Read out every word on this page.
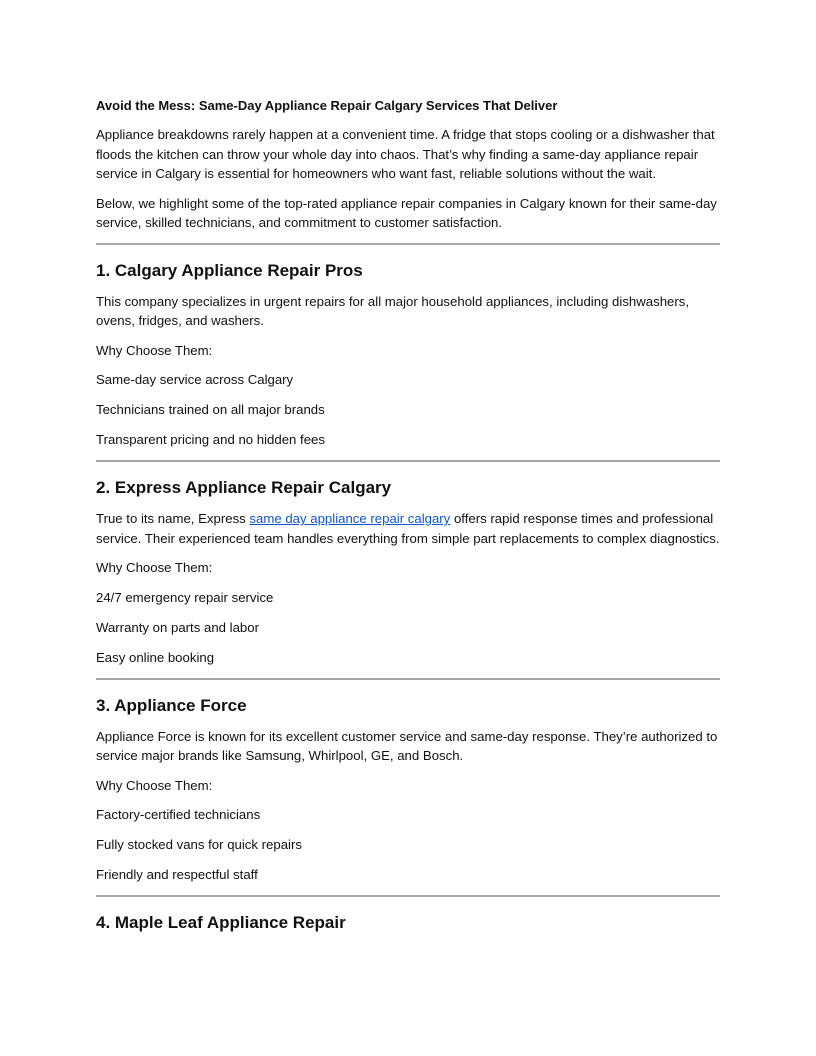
Avoid the Mess: Same-Day Appliance Repair Calgary Services That Deliver

Appliance breakdowns rarely happen at a convenient time. A fridge that stops cooling or a dishwasher that floods the kitchen can throw your whole day into chaos. That’s why finding a same-day appliance repair service in Calgary is essential for homeowners who want fast, reliable solutions without the wait.

Below, we highlight some of the top-rated appliance repair companies in Calgary known for their same-day service, skilled technicians, and commitment to customer satisfaction.

1. Calgary Appliance Repair Pros

This company specializes in urgent repairs for all major household appliances, including dishwashers, ovens, fridges, and washers.

Why Choose Them:

Same-day service across Calgary

Technicians trained on all major brands

Transparent pricing and no hidden fees

2. Express Appliance Repair Calgary

True to its name, Express same day appliance repair calgary offers rapid response times and professional service. Their experienced team handles everything from simple part replacements to complex diagnostics.

Why Choose Them:

24/7 emergency repair service

Warranty on parts and labor

Easy online booking

3. Appliance Force

Appliance Force is known for its excellent customer service and same-day response. They’re authorized to service major brands like Samsung, Whirlpool, GE, and Bosch.

Why Choose Them:

Factory-certified technicians

Fully stocked vans for quick repairs

Friendly and respectful staff

4. Maple Leaf Appliance Repair
